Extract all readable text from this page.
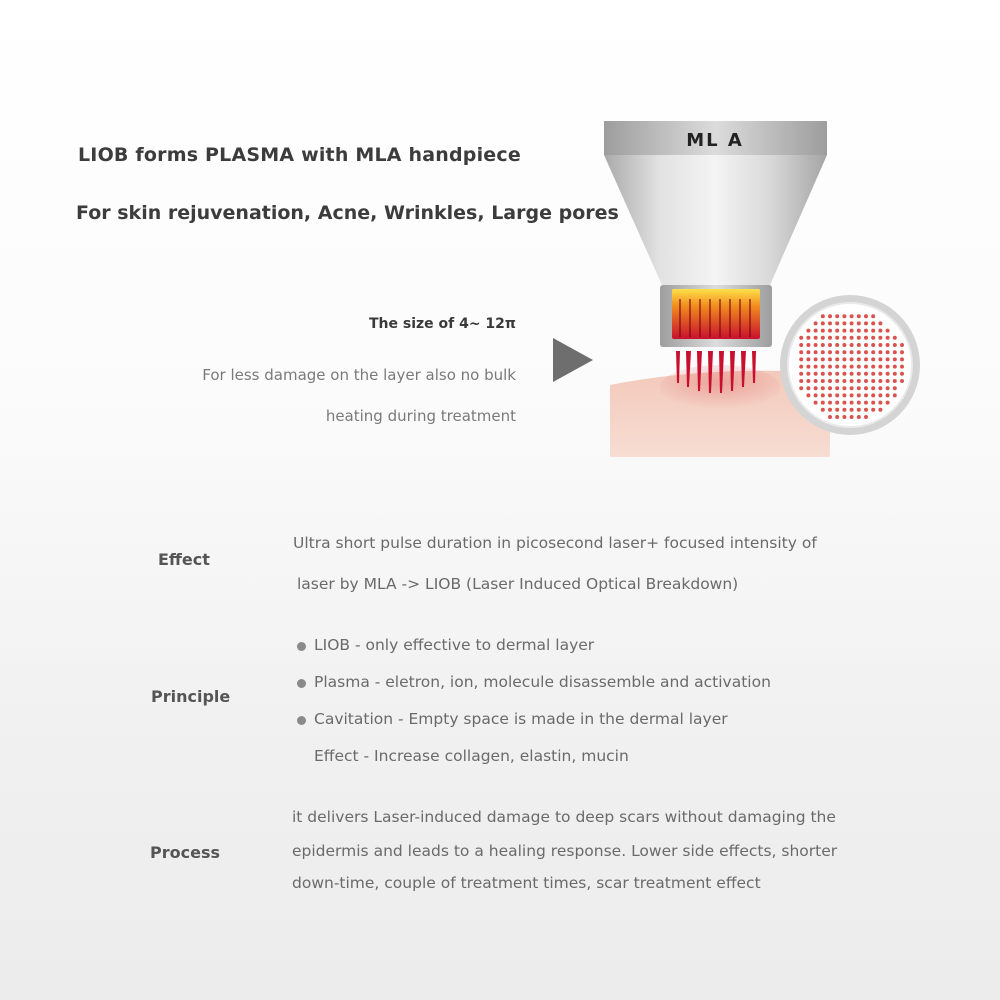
LIOB forms PLASMA with MLA handpiece
For skin rejuvenation, Acne, Wrinkles, Large pores
The size of 4~ 12π
For less damage on the layer also no bulk
heating during treatment
ML A
Effect
Ultra short pulse duration in picosecond laser+ focused intensity of
laser by MLA -> LIOB (Laser Induced Optical Breakdown)
Principle
LIOB - only effective to dermal layer
Plasma - eletron, ion, molecule disassemble and activation
Cavitation - Empty space is made in the dermal layer
Effect - Increase collagen, elastin, mucin
Process
it delivers Laser-induced damage to deep scars without damaging the
epidermis and leads to a healing response. Lower side effects, shorter
down-time, couple of treatment times, scar treatment effect
